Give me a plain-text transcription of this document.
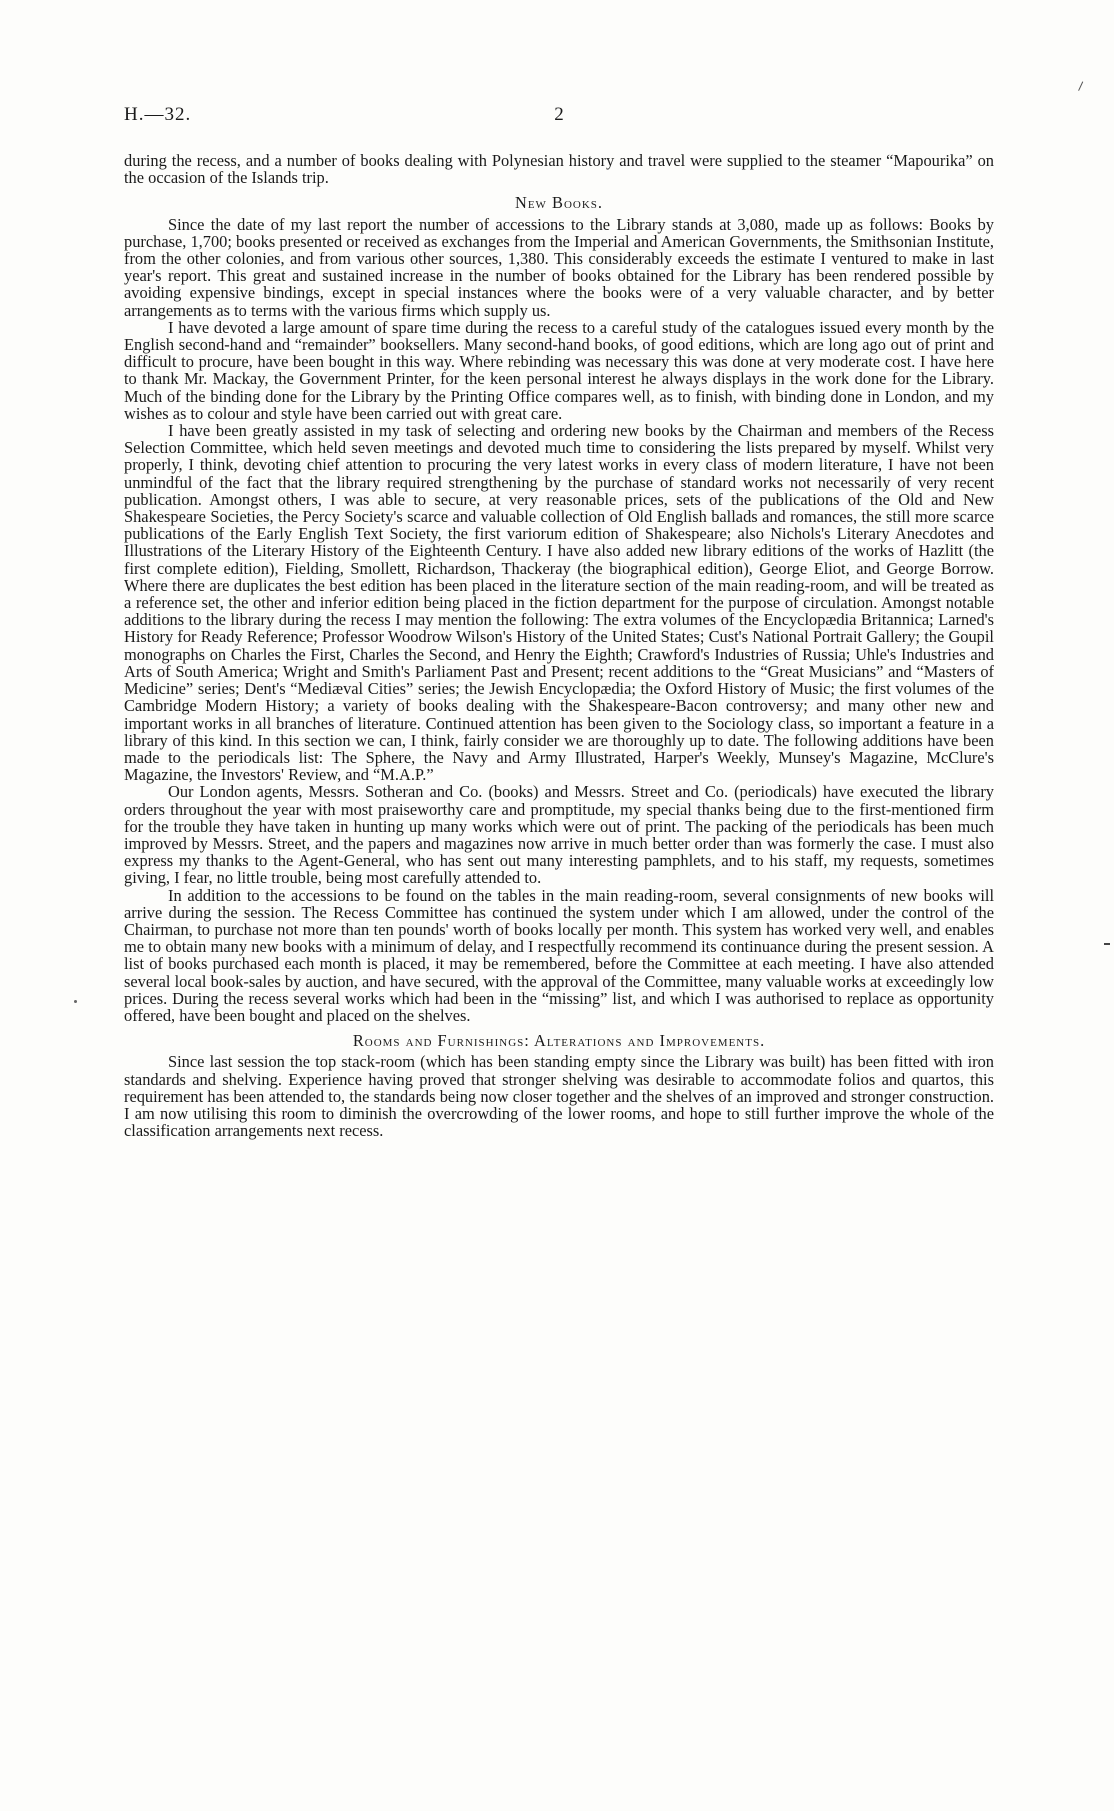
H.—32.	2

during the recess, and a number of books dealing with Polynesian history and travel were supplied to the steamer “Mapourika” on the occasion of the Islands trip.

New Books.

Since the date of my last report the number of accessions to the Library stands at 3,080, made up as follows: Books by purchase, 1,700; books presented or received as exchanges from the Imperial and American Governments, the Smithsonian Institute, from the other colonies, and from various other sources, 1,380. This considerably exceeds the estimate I ventured to make in last year's report. This great and sustained increase in the number of books obtained for the Library has been rendered possible by avoiding expensive bindings, except in special instances where the books were of a very valuable character, and by better arrangements as to terms with the various firms which supply us.

I have devoted a large amount of spare time during the recess to a careful study of the catalogues issued every month by the English second-hand and “remainder” booksellers. Many second-hand books, of good editions, which are long ago out of print and difficult to procure, have been bought in this way. Where rebinding was necessary this was done at very moderate cost. I have here to thank Mr. Mackay, the Government Printer, for the keen personal interest he always displays in the work done for the Library. Much of the binding done for the Library by the Printing Office compares well, as to finish, with binding done in London, and my wishes as to colour and style have been carried out with great care.

I have been greatly assisted in my task of selecting and ordering new books by the Chairman and members of the Recess Selection Committee, which held seven meetings and devoted much time to considering the lists prepared by myself. Whilst very properly, I think, devoting chief attention to procuring the very latest works in every class of modern literature, I have not been unmindful of the fact that the library required strengthening by the purchase of standard works not necessarily of very recent publication. Amongst others, I was able to secure, at very reasonable prices, sets of the publications of the Old and New Shakespeare Societies, the Percy Society's scarce and valuable collection of Old English ballads and romances, the still more scarce publications of the Early English Text Society, the first variorum edition of Shakespeare; also Nichols's Literary Anecdotes and Illustrations of the Literary History of the Eighteenth Century. I have also added new library editions of the works of Hazlitt (the first complete edition), Fielding, Smollett, Richardson, Thackeray (the biographical edition), George Eliot, and George Borrow. Where there are duplicates the best edition has been placed in the literature section of the main reading-room, and will be treated as a reference set, the other and inferior edition being placed in the fiction department for the purpose of circulation. Amongst notable additions to the library during the recess I may mention the following: The extra volumes of the Encyclopædia Britannica; Larned's History for Ready Reference; Professor Woodrow Wilson's History of the United States; Cust's National Portrait Gallery; the Goupil monographs on Charles the First, Charles the Second, and Henry the Eighth; Crawford's Industries of Russia; Uhle's Industries and Arts of South America; Wright and Smith's Parliament Past and Present; recent additions to the “Great Musicians” and “Masters of Medicine” series; Dent's “Mediæval Cities” series; the Jewish Encyclopædia; the Oxford History of Music; the first volumes of the Cambridge Modern History; a variety of books dealing with the Shakespeare-Bacon controversy; and many other new and important works in all branches of literature. Continued attention has been given to the Sociology class, so important a feature in a library of this kind. In this section we can, I think, fairly consider we are thoroughly up to date. The following additions have been made to the periodicals list: The Sphere, the Navy and Army Illustrated, Harper's Weekly, Munsey's Magazine, McClure's Magazine, the Investors' Review, and “M.A.P.”

Our London agents, Messrs. Sotheran and Co. (books) and Messrs. Street and Co. (periodicals) have executed the library orders throughout the year with most praiseworthy care and promptitude, my special thanks being due to the first-mentioned firm for the trouble they have taken in hunting up many works which were out of print. The packing of the periodicals has been much improved by Messrs. Street, and the papers and magazines now arrive in much better order than was formerly the case. I must also express my thanks to the Agent-General, who has sent out many interesting pamphlets, and to his staff, my requests, sometimes giving, I fear, no little trouble, being most carefully attended to.

In addition to the accessions to be found on the tables in the main reading-room, several consignments of new books will arrive during the session. The Recess Committee has continued the system under which I am allowed, under the control of the Chairman, to purchase not more than ten pounds' worth of books locally per month. This system has worked very well, and enables me to obtain many new books with a minimum of delay, and I respectfully recommend its continuance during the present session. A list of books purchased each month is placed, it may be remembered, before the Committee at each meeting. I have also attended several local book-sales by auction, and have secured, with the approval of the Committee, many valuable works at exceedingly low prices. During the recess several works which had been in the “missing” list, and which I was authorised to replace as opportunity offered, have been bought and placed on the shelves.

Rooms and Furnishings: Alterations and Improvements.

Since last session the top stack-room (which has been standing empty since the Library was built) has been fitted with iron standards and shelving. Experience having proved that stronger shelving was desirable to accommodate folios and quartos, this requirement has been attended to, the standards being now closer together and the shelves of an improved and stronger construction. I am now utilising this room to diminish the overcrowding of the lower rooms, and hope to still further improve the whole of the classification arrangements next recess.
